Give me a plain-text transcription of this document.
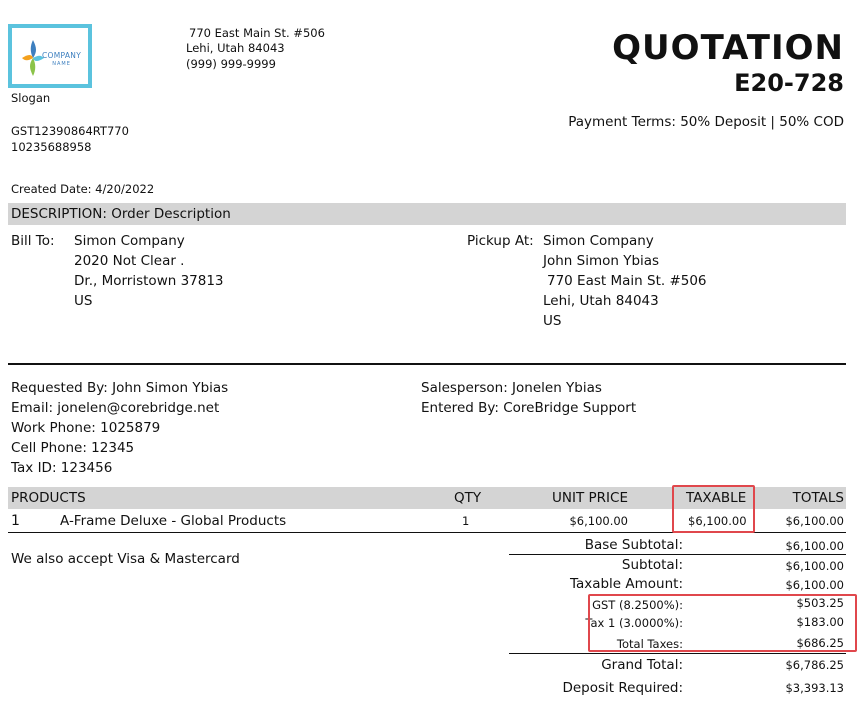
COMPANY
NAME
Slogan
770 East Main St. #506
Lehi, Utah 84043
(999) 999-9999
GST12390864RT770
10235688958
QUOTATION
E20-728
Payment Terms: 50% Deposit | 50% COD
Created Date: 4/20/2022
DESCRIPTION: Order Description
Bill To: Simon Company
2020 Not Clear .
Dr., Morristown 37813
US
Pickup At: Simon Company
John Simon Ybias
770 East Main St. #506
Lehi, Utah 84043
US
Requested By: John Simon Ybias
Email: jonelen@corebridge.net
Work Phone: 1025879
Cell Phone: 12345
Tax ID: 123456
Salesperson: Jonelen Ybias
Entered By: CoreBridge Support
PRODUCTS	QTY	UNIT PRICE	TAXABLE	TOTALS
1	A-Frame Deluxe - Global Products	1	$6,100.00	$6,100.00	$6,100.00
We also accept Visa & Mastercard
Base Subtotal:	$6,100.00
Subtotal:	$6,100.00
Taxable Amount:	$6,100.00
GST (8.2500%):	$503.25
Tax 1 (3.0000%):	$183.00
Total Taxes:	$686.25
Grand Total:	$6,786.25
Deposit Required:	$3,393.13
